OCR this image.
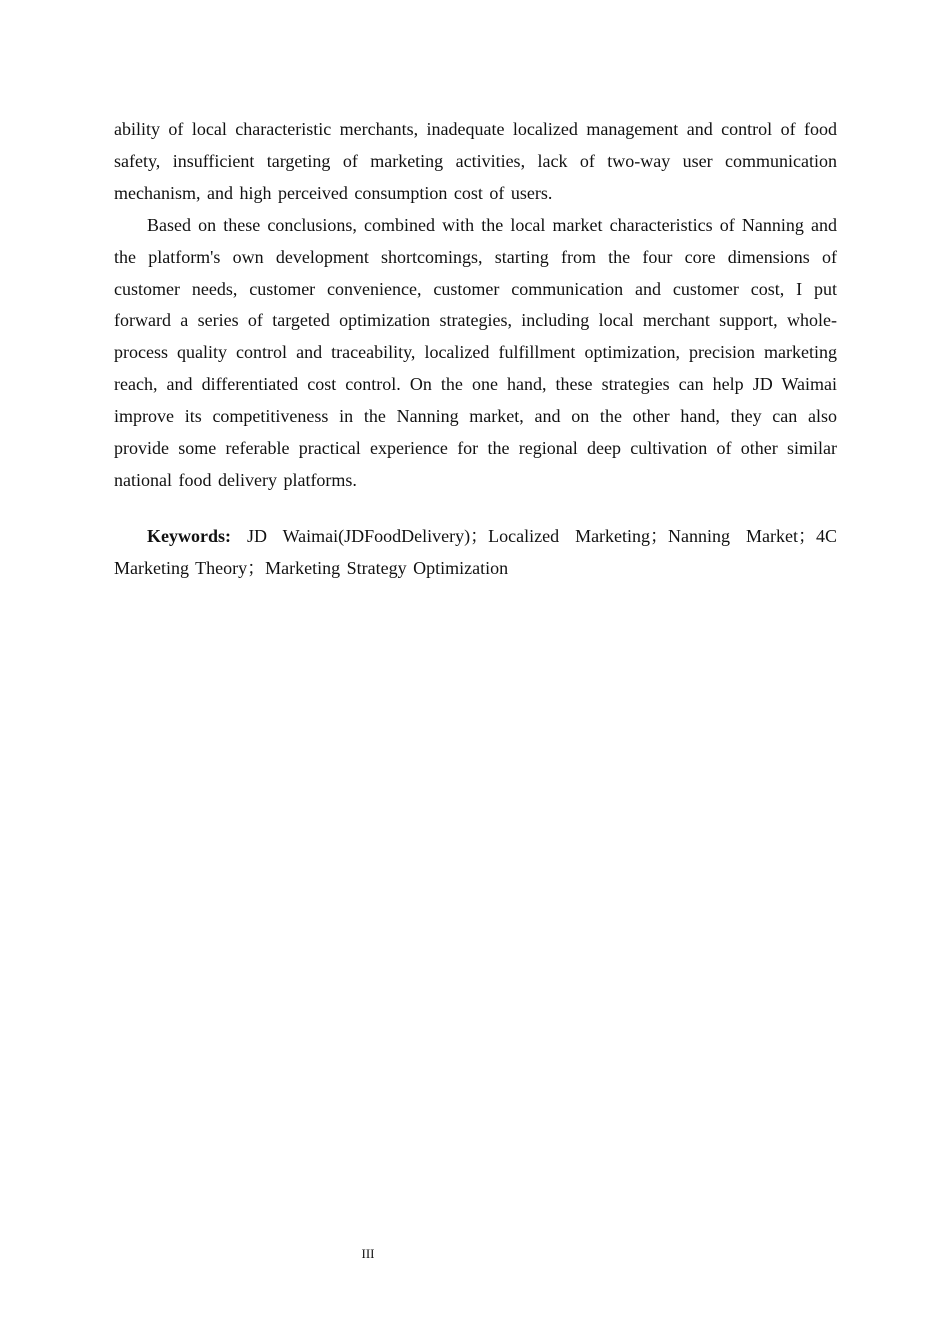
ability of local characteristic merchants, inadequate localized management and control of food safety, insufficient targeting of marketing activities, lack of two-way user communication mechanism, and high perceived consumption cost of users.

Based on these conclusions, combined with the local market characteristics of Nanning and the platform's own development shortcomings, starting from the four core dimensions of customer needs, customer convenience, customer communication and customer cost, I put forward a series of targeted optimization strategies, including local merchant support, whole-process quality control and traceability, localized fulfillment optimization, precision marketing reach, and differentiated cost control. On the one hand, these strategies can help JD Waimai improve its competitiveness in the Nanning market, and on the other hand, they can also provide some referable practical experience for the regional deep cultivation of other similar national food delivery platforms.

Keywords: JD Waimai(JDFoodDelivery)；Localized Marketing；Nanning Market；4C Marketing Theory；Marketing Strategy Optimization

III
